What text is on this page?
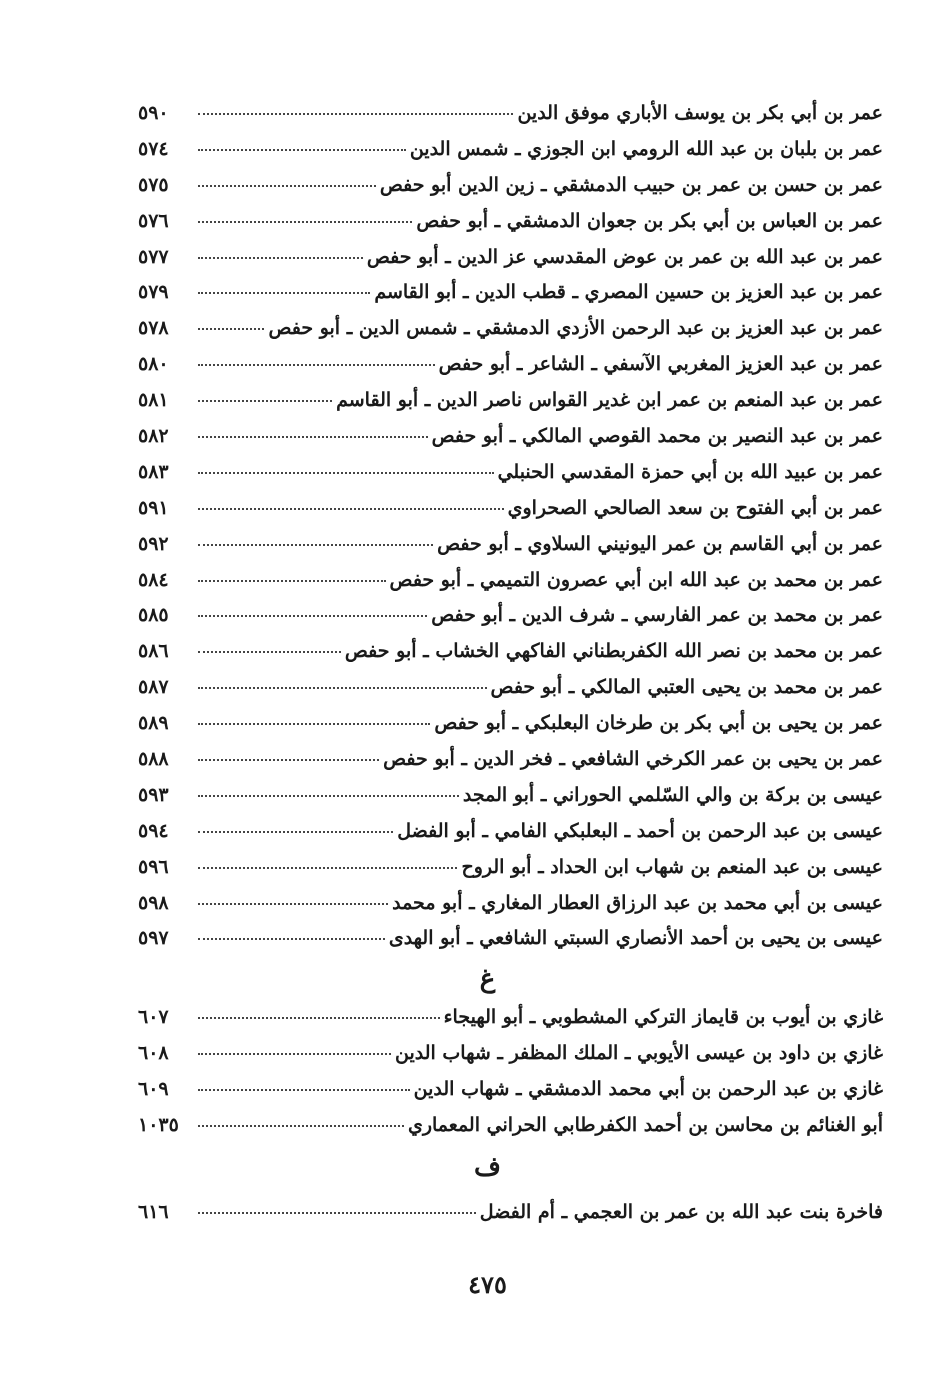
عمر بن أبي بكر بن يوسف الأباري موفق الدين
٥٩٠
عمر بن بلبان بن عبد الله الرومي ابن الجوزي ـ شمس الدين
٥٧٤
عمر بن حسن بن عمر بن حبيب الدمشقي ـ زين الدين أبو حفص
٥٧٥
عمر بن العباس بن أبي بكر بن جعوان الدمشقي ـ أبو حفص
٥٧٦
عمر بن عبد الله بن عمر بن عوض المقدسي عز الدين ـ أبو حفص
٥٧٧
عمر بن عبد العزيز بن حسين المصري ـ قطب الدين ـ أبو القاسم
٥٧٩
عمر بن عبد العزيز بن عبد الرحمن الأزدي الدمشقي ـ شمس الدين ـ أبو حفص
٥٧٨
عمر بن عبد العزيز المغربي الآسفي ـ الشاعر ـ أبو حفص
٥٨٠
عمر بن عبد المنعم بن عمر ابن غدير القواس ناصر الدين ـ أبو القاسم
٥٨١
عمر بن عبد النصير بن محمد القوصي المالكي ـ أبو حفص
٥٨٢
عمر بن عبيد الله بن أبي حمزة المقدسي الحنبلي
٥٨٣
عمر بن أبي الفتوح بن سعد الصالحي الصحراوي
٥٩١
عمر بن أبي القاسم بن عمر اليونيني السلاوي ـ أبو حفص
٥٩٢
عمر بن محمد بن عبد الله ابن أبي عصرون التميمي ـ أبو حفص
٥٨٤
عمر بن محمد بن عمر الفارسي ـ شرف الدين ـ أبو حفص
٥٨٥
عمر بن محمد بن نصر الله الكفربطناني الفاكهي الخشاب ـ أبو حفص
٥٨٦
عمر بن محمد بن يحيى العتبي المالكي ـ أبو حفص
٥٨٧
عمر بن يحيى بن أبي بكر بن طرخان البعلبكي ـ أبو حفص
٥٨٩
عمر بن يحيى بن عمر الكرخي الشافعي ـ فخر الدين ـ أبو حفص
٥٨٨
عيسى بن بركة بن والي السّلمي الحوراني ـ أبو المجد
٥٩٣
عيسى بن عبد الرحمن بن أحمد ـ البعلبكي الفامي ـ أبو الفضل
٥٩٤
عيسى بن عبد المنعم بن شهاب ابن الحداد ـ أبو الروح
٥٩٦
عيسى بن أبي محمد بن عبد الرزاق العطار المغاري ـ أبو محمد
٥٩٨
عيسى بن يحيى بن أحمد الأنصاري السبتي الشافعي ـ أبو الهدى
٥٩٧
غ
غازي بن أيوب بن قايماز التركي المشطوبي ـ أبو الهيجاء
٦٠٧
غازي بن داود بن عيسى الأيوبي ـ الملك المظفر ـ شهاب الدين
٦٠٨
غازي بن عبد الرحمن بن أبي محمد الدمشقي ـ شهاب الدين
٦٠٩
أبو الغنائم بن محاسن بن أحمد الكفرطابي الحراني المعماري
١٠٣٥
ف
فاخرة بنت عبد الله بن عمر بن العجمي ـ أم الفضل
٦١٦
٤٧٥
